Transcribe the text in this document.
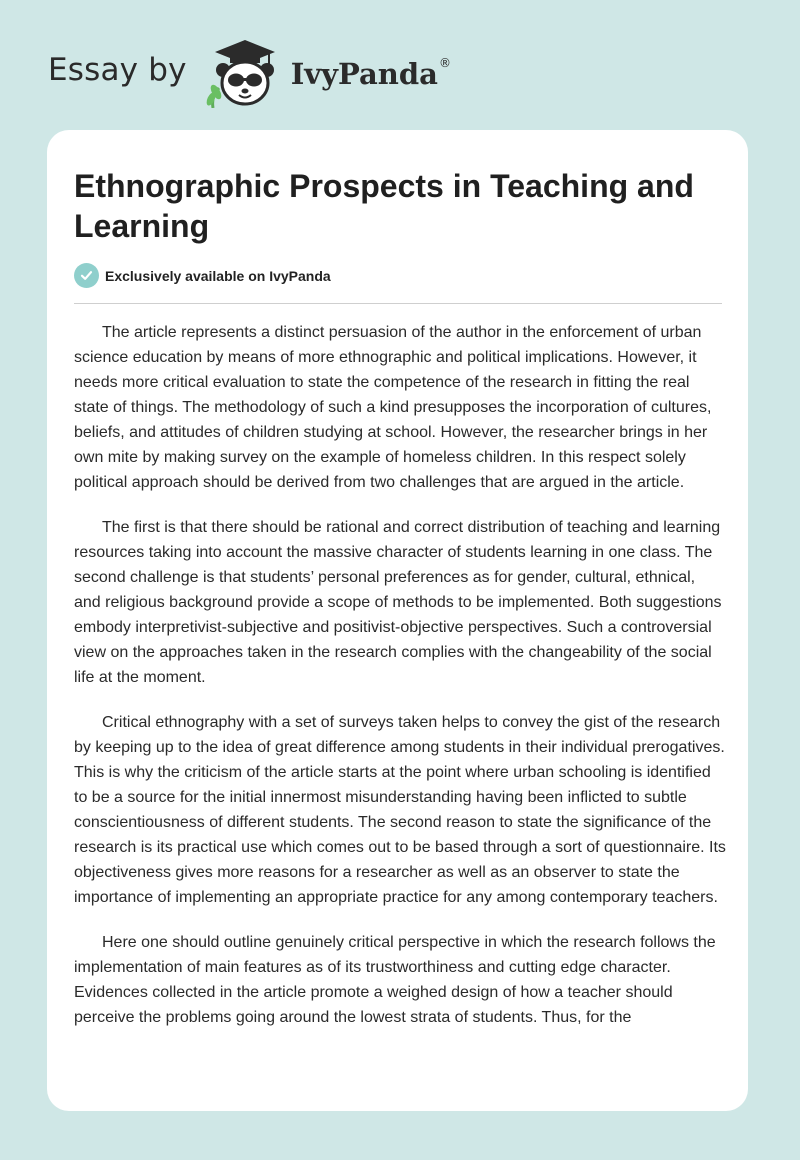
Essay by	IvyPanda ®
Ethnographic Prospects in Teaching and Learning
Exclusively available on IvyPanda

The article represents a distinct persuasion of the author in the enforcement of urban science education by means of more ethnographic and political implications. However, it needs more critical evaluation to state the competence of the research in fitting the real state of things. The methodology of such a kind presupposes the incorporation of cultures, beliefs, and attitudes of children studying at school. However, the researcher brings in her own mite by making survey on the example of homeless children. In this respect solely political approach should be derived from two challenges that are argued in the article.

The first is that there should be rational and correct distribution of teaching and learning resources taking into account the massive character of students learning in one class. The second challenge is that students’ personal preferences as for gender, cultural, ethnical, and religious background provide a scope of methods to be implemented. Both suggestions embody interpretivist-subjective and positivist-objective perspectives. Such a controversial view on the approaches taken in the research complies with the changeability of the social life at the moment.

Critical ethnography with a set of surveys taken helps to convey the gist of the research by keeping up to the idea of great difference among students in their individual prerogatives. This is why the criticism of the article starts at the point where urban schooling is identified to be a source for the initial innermost misunderstanding having been inflicted to subtle conscientiousness of different students. The second reason to state the significance of the research is its practical use which comes out to be based through a sort of questionnaire. Its objectiveness gives more reasons for a researcher as well as an observer to state the importance of implementing an appropriate practice for any among contemporary teachers.

Here one should outline genuinely critical perspective in which the research follows the implementation of main features as of its trustworthiness and cutting edge character. Evidences collected in the article promote a weighed design of how a teacher should perceive the problems going around the lowest strata of students. Thus, for the
